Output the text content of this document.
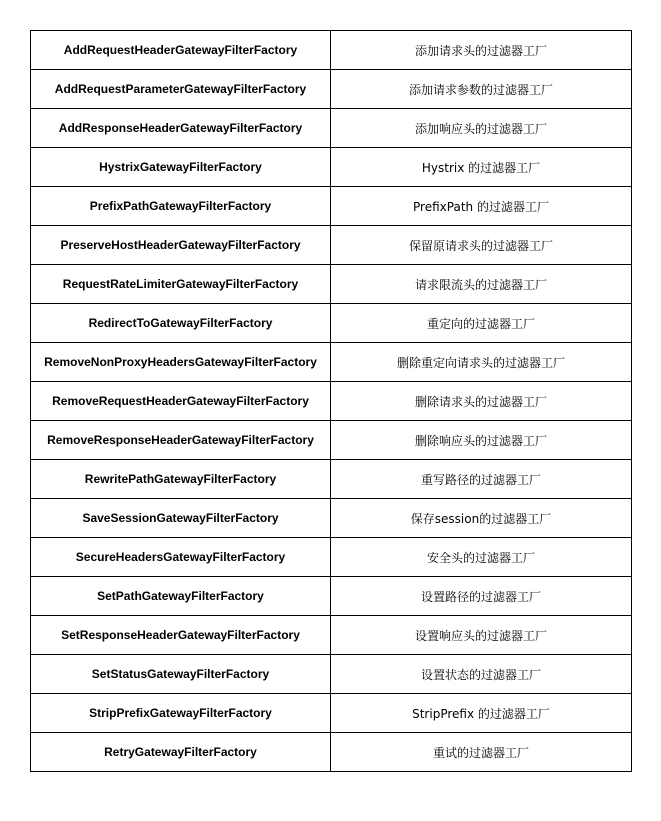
AddRequestHeaderGatewayFilterFactory	添加请求头的过滤器工厂
AddRequestParameterGatewayFilterFactory	添加请求参数的过滤器工厂
AddResponseHeaderGatewayFilterFactory	添加响应头的过滤器工厂
HystrixGatewayFilterFactory	Hystrix 的过滤器工厂
PrefixPathGatewayFilterFactory	PrefixPath 的过滤器工厂
PreserveHostHeaderGatewayFilterFactory	保留原请求头的过滤器工厂
RequestRateLimiterGatewayFilterFactory	请求限流头的过滤器工厂
RedirectToGatewayFilterFactory	重定向的过滤器工厂
RemoveNonProxyHeadersGatewayFilterFactory	删除重定向请求头的过滤器工厂
RemoveRequestHeaderGatewayFilterFactory	删除请求头的过滤器工厂
RemoveResponseHeaderGatewayFilterFactory	删除响应头的过滤器工厂
RewritePathGatewayFilterFactory	重写路径的过滤器工厂
SaveSessionGatewayFilterFactory	保存session的过滤器工厂
SecureHeadersGatewayFilterFactory	安全头的过滤器工厂
SetPathGatewayFilterFactory	设置路径的过滤器工厂
SetResponseHeaderGatewayFilterFactory	设置响应头的过滤器工厂
SetStatusGatewayFilterFactory	设置状态的过滤器工厂
StripPrefixGatewayFilterFactory	StripPrefix 的过滤器工厂
RetryGatewayFilterFactory	重试的过滤器工厂
